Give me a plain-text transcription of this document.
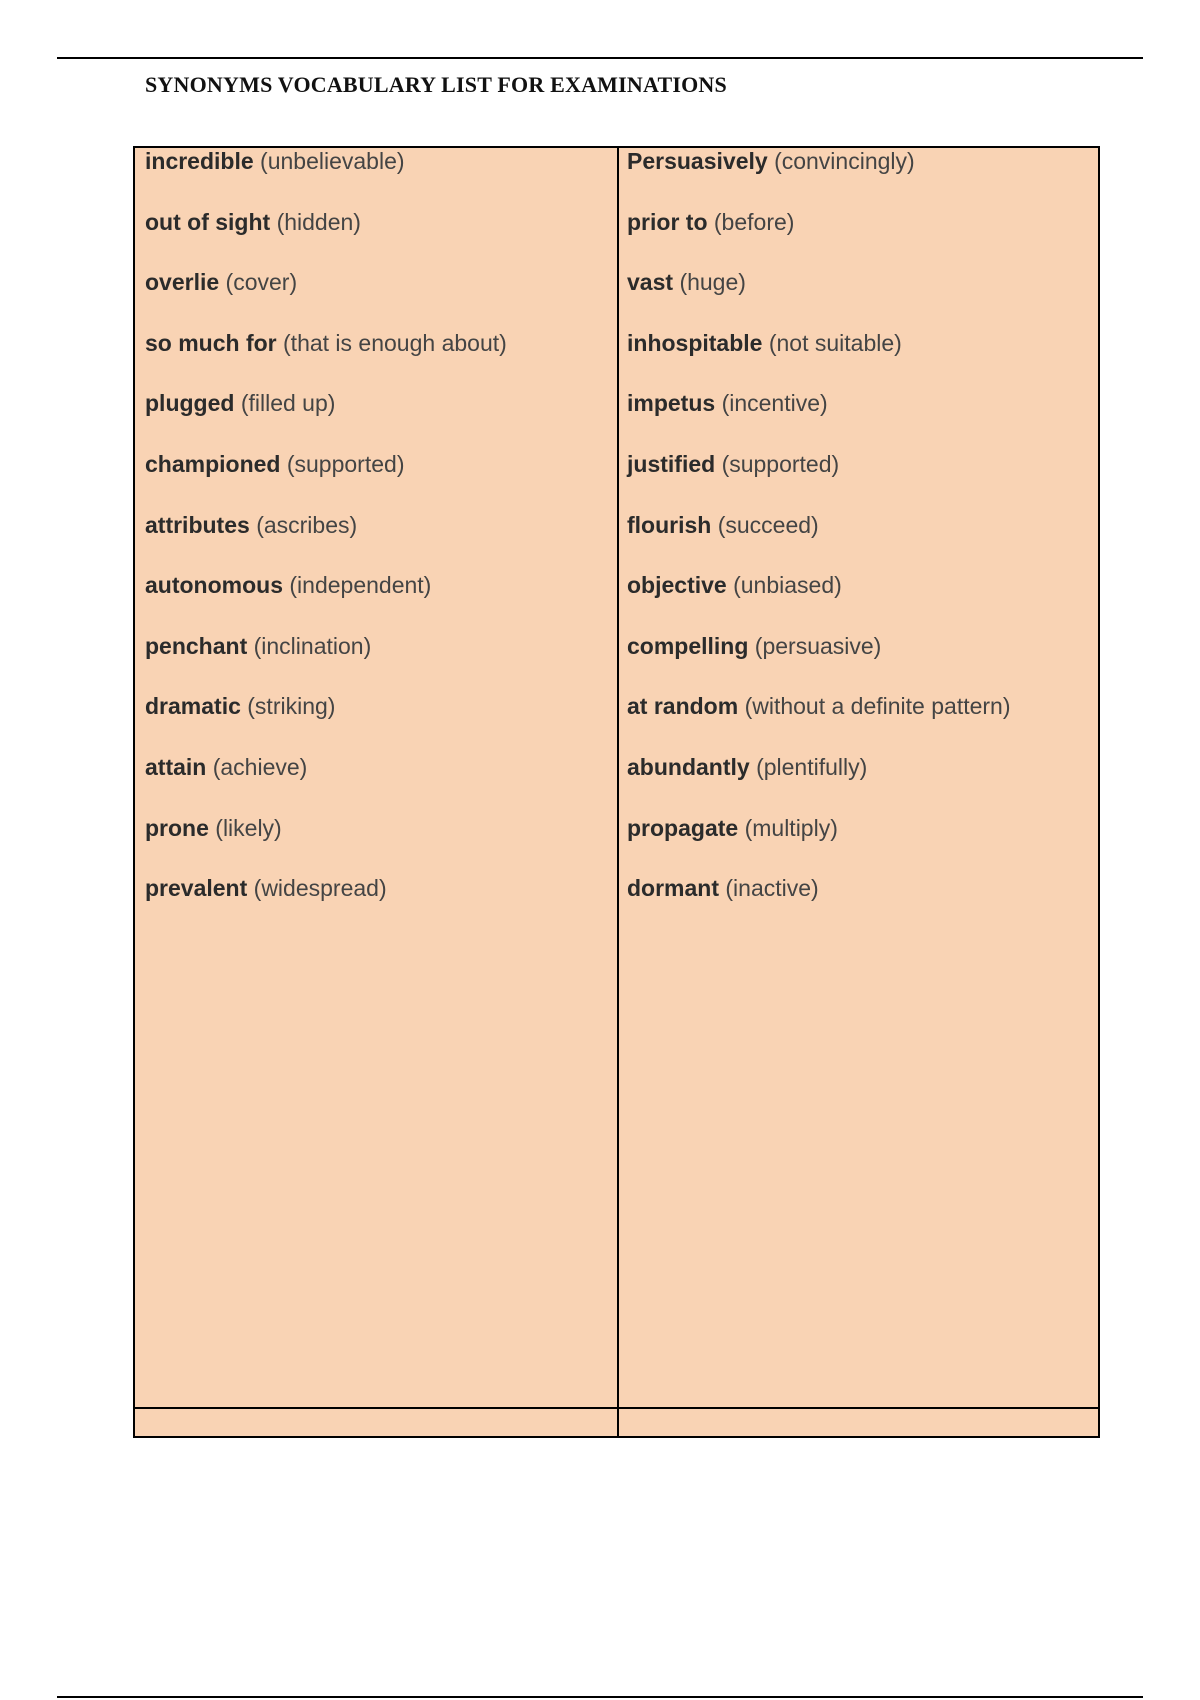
SYNONYMS VOCABULARY LIST FOR EXAMINATIONS
incredible (unbelievable)
out of sight (hidden)
overlie (cover)
so much for (that is enough about)
plugged (filled up)
championed (supported)
attributes (ascribes)
autonomous (independent)
penchant (inclination)
dramatic (striking)
attain (achieve)
prone (likely)
prevalent (widespread)
Persuasively (convincingly)
prior to (before)
vast (huge)
inhospitable (not suitable)
impetus (incentive)
justified (supported)
flourish (succeed)
objective (unbiased)
compelling (persuasive)
at random (without a definite pattern)
abundantly (plentifully)
propagate (multiply)
dormant (inactive)
